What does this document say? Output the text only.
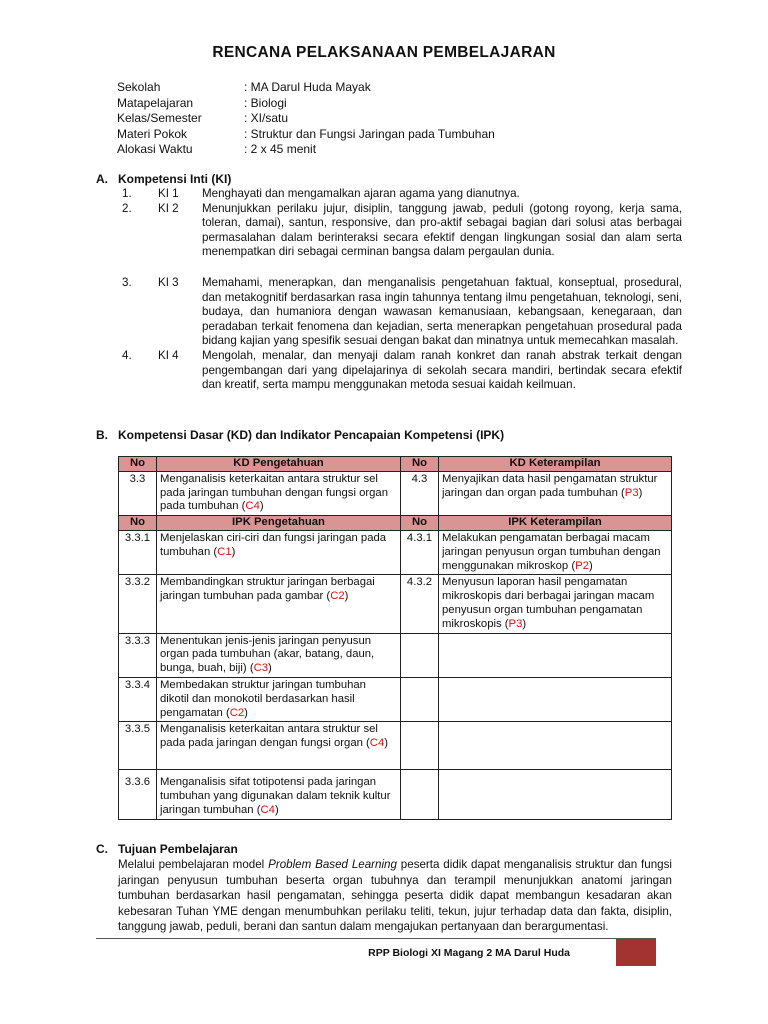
RENCANA PELAKSANAAN PEMBELAJARAN
Sekolah	: MA Darul Huda Mayak
Matapelajaran	: Biologi
Kelas/Semester	: XI/satu
Materi Pokok	: Struktur dan Fungsi Jaringan pada Tumbuhan
Alokasi Waktu	: 2 x 45 menit
A. Kompetensi Inti (KI)
1.	KI 1	Menghayati dan mengamalkan ajaran agama yang dianutnya.
2.	KI 2	Menunjukkan perilaku jujur, disiplin, tanggung jawab, peduli (gotong royong, kerja sama, toleran, damai), santun, responsive, dan pro-aktif sebagai bagian dari solusi atas berbagai permasalahan dalam berinteraksi secara efektif dengan lingkungan sosial dan alam serta menempatkan diri sebagai cerminan bangsa dalam pergaulan dunia.
3.	KI 3	Memahami, menerapkan, dan menganalisis pengetahuan faktual, konseptual, prosedural, dan metakognitif berdasarkan rasa ingin tahunnya tentang ilmu pengetahuan, teknologi, seni, budaya, dan humaniora dengan wawasan kemanusiaan, kebangsaan, kenegaraan, dan peradaban terkait fenomena dan kejadian, serta menerapkan pengetahuan prosedural pada bidang kajian yang spesifik sesuai dengan bakat dan minatnya untuk memecahkan masalah.
4.	KI 4	Mengolah, menalar, dan menyaji dalam ranah konkret dan ranah abstrak terkait dengan pengembangan dari yang dipelajarinya di sekolah secara mandiri, bertindak secara efektif dan kreatif, serta mampu menggunakan metoda sesuai kaidah keilmuan.
B. Kompetensi Dasar (KD) dan Indikator Pencapaian Kompetensi (IPK)
No	KD Pengetahuan	No	KD Keterampilan
3.3	Menganalisis keterkaitan antara struktur sel pada jaringan tumbuhan dengan fungsi organ pada tumbuhan (C4)	4.3	Menyajikan data hasil pengamatan struktur jaringan dan organ pada tumbuhan (P3)
No	IPK Pengetahuan	No	IPK Keterampilan
3.3.1	Menjelaskan ciri-ciri dan fungsi jaringan pada tumbuhan (C1)	4.3.1	Melakukan pengamatan berbagai macam jaringan penyusun organ tumbuhan dengan menggunakan mikroskop (P2)
3.3.2	Membandingkan struktur jaringan berbagai jaringan tumbuhan pada gambar (C2)	4.3.2	Menyusun laporan hasil pengamatan mikroskopis dari berbagai jaringan macam penyusun organ tumbuhan pengamatan mikroskopis (P3)
3.3.3	Menentukan jenis-jenis jaringan penyusun organ pada tumbuhan (akar, batang, daun, bunga, buah, biji) (C3)		
3.3.4	Membedakan struktur jaringan tumbuhan dikotil dan monokotil berdasarkan hasil pengamatan (C2)		
3.3.5	Menganalisis keterkaitan antara struktur sel pada pada jaringan dengan fungsi organ (C4)		
3.3.6	Menganalisis sifat totipotensi pada jaringan tumbuhan yang digunakan dalam teknik kultur jaringan tumbuhan (C4)		
C. Tujuan Pembelajaran
Melalui pembelajaran model Problem Based Learning peserta didik dapat menganalisis struktur dan fungsi jaringan penyusun tumbuhan beserta organ tubuhnya dan terampil menunjukkan anatomi jaringan tumbuhan berdasarkan hasil pengamatan, sehingga peserta didik dapat membangun kesadaran akan kebesaran Tuhan YME dengan menumbuhkan perilaku teliti, tekun, jujur terhadap data dan fakta, disiplin, tanggung jawab, peduli, berani dan santun dalam mengajukan pertanyaan dan berargumentasi.
RPP Biologi XI Magang 2 MA Darul Huda
